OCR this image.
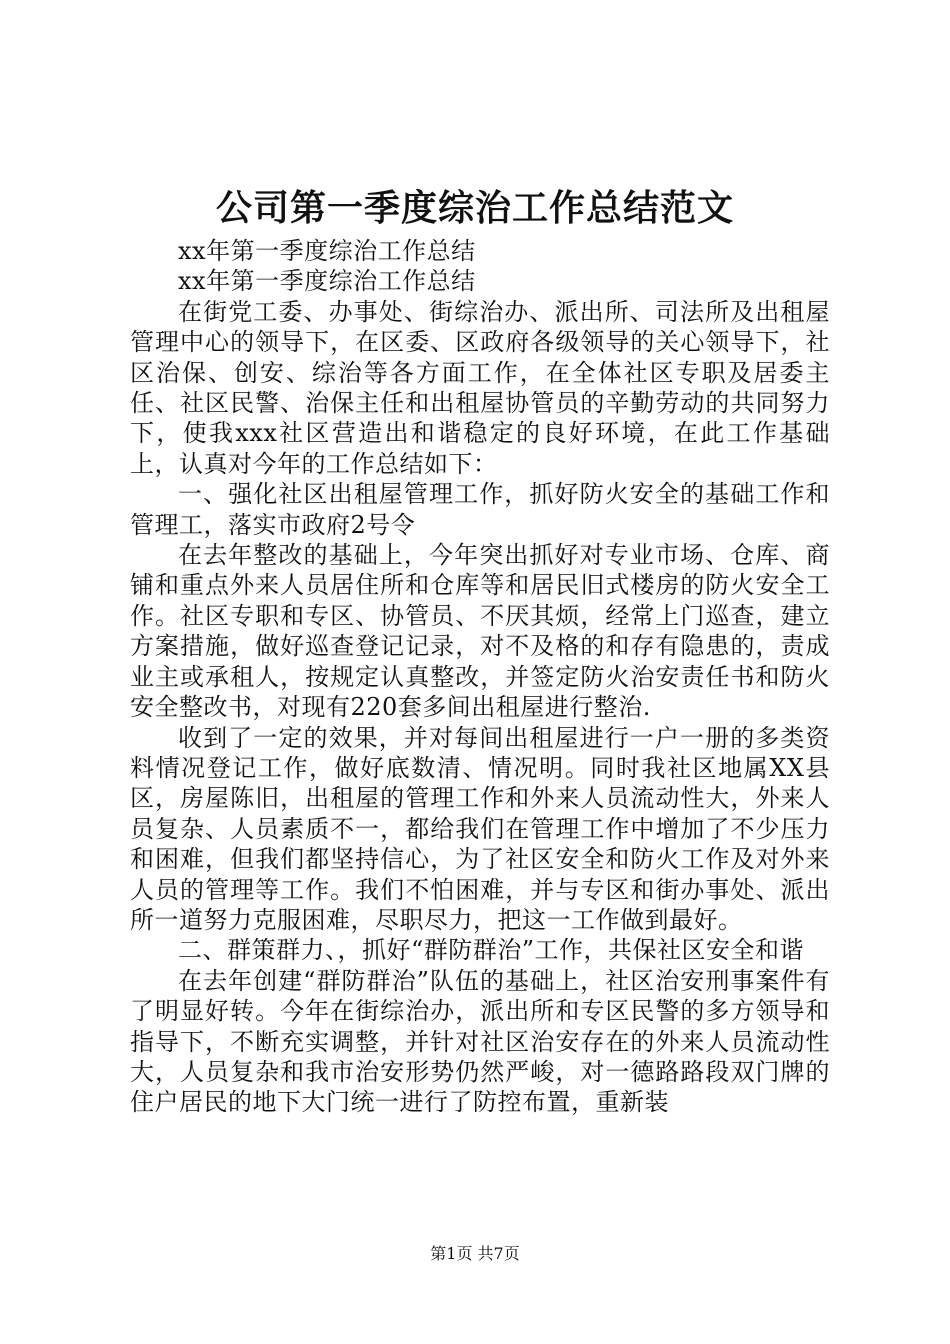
公司第一季度综治工作总结范文

xx年第一季度综治工作总结

xx年第一季度综治工作总结

在街党工委、办事处、街综治办、派出所、司法所及出租屋管理中心的领导下，在区委、区政府各级领导的关心领导下，社区治保、创安、综治等各方面工作，在全体社区专职及居委主任、社区民警、治保主任和出租屋协管员的辛勤劳动的共同努力下，使我xxx社区营造出和谐稳定的良好环境，在此工作基础上，认真对今年的工作总结如下：

一、强化社区出租屋管理工作，抓好防火安全的基础工作和管理工，落实市政府2号令

在去年整改的基础上，今年突出抓好对专业市场、仓库、商铺和重点外来人员居住所和仓库等和居民旧式楼房的防火安全工作。社区专职和专区、协管员、不厌其烦，经常上门巡查，建立方案措施，做好巡查登记记录，对不及格的和存有隐患的，责成业主或承租人，按规定认真整改，并签定防火治安责任书和防火安全整改书，对现有220套多间出租屋进行整治.

收到了一定的效果，并对每间出租屋进行一户一册的多类资料情况登记工作，做好底数清、情况明。同时我社区地属XX县区，房屋陈旧，出租屋的管理工作和外来人员流动性大，外来人员复杂、人员素质不一，都给我们在管理工作中增加了不少压力和困难，但我们都坚持信心，为了社区安全和防火工作及对外来人员的管理等工作。我们不怕困难，并与专区和街办事处、派出所一道努力克服困难，尽职尽力，把这一工作做到最好。

二、群策群力、，抓好“群防群治”工作，共保社区安全和谐

在去年创建“群防群治”队伍的基础上，社区治安刑事案件有了明显好转。今年在街综治办，派出所和专区民警的多方领导和指导下，不断充实调整，并针对社区治安存在的外来人员流动性大，人员复杂和我市治安形势仍然严峻，对一德路路段双门牌的住户居民的地下大门统一进行了防控布置，重新装

第1页 共7页
